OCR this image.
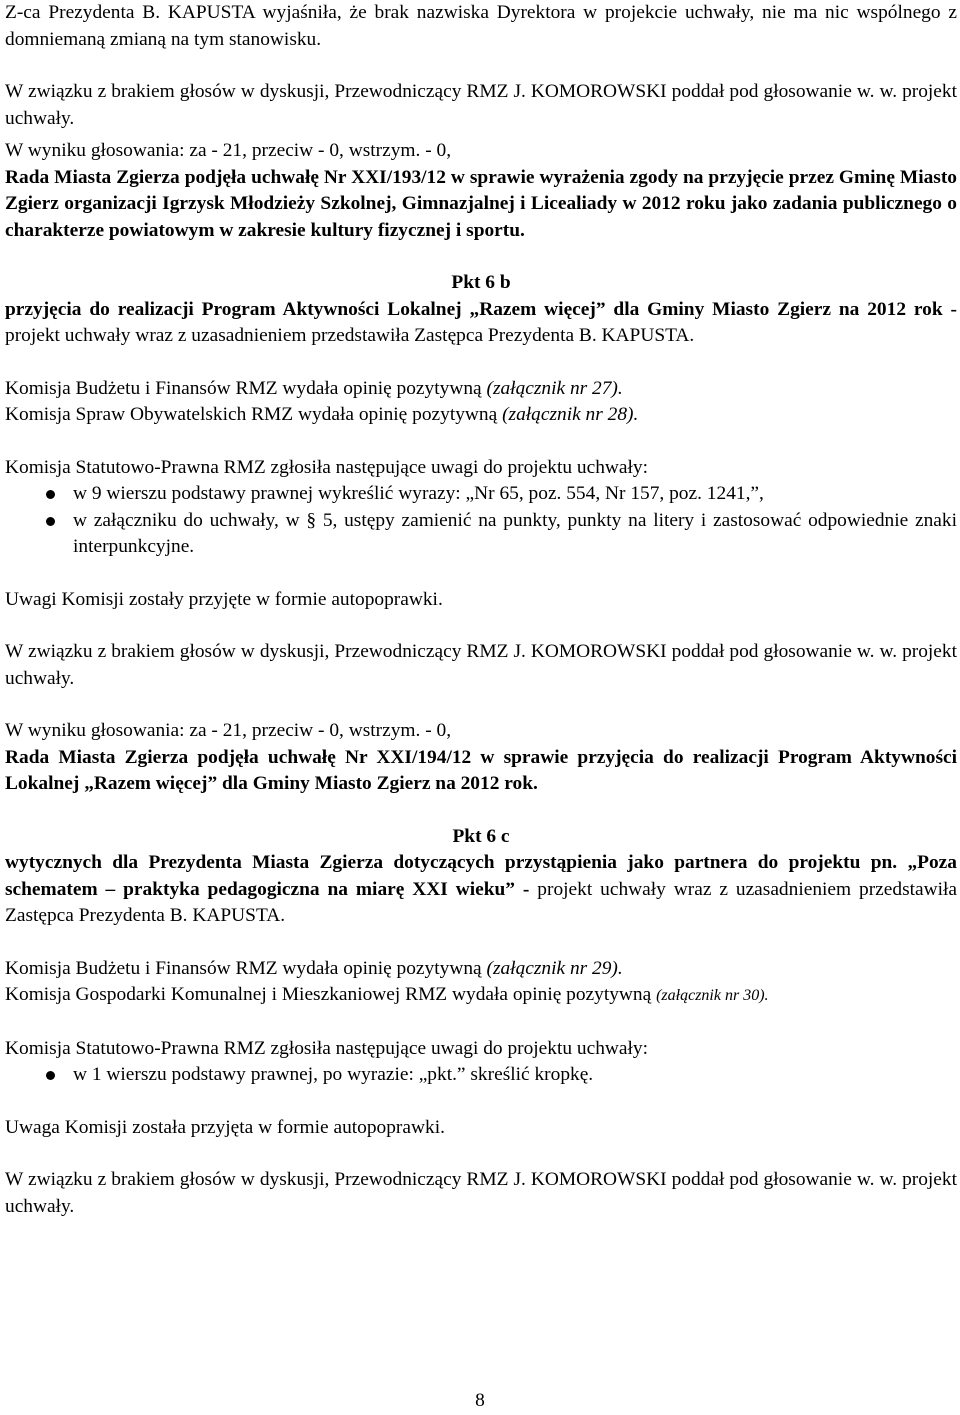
Z-ca Prezydenta B. KAPUSTA wyjaśniła, że brak nazwiska Dyrektora w projekcie uchwały, nie ma nic wspólnego z domniemaną zmianą na tym stanowisku.

W związku z brakiem głosów w dyskusji, Przewodniczący RMZ J. KOMOROWSKI poddał pod głosowanie w. w. projekt uchwały.

W wyniku głosowania: za - 21, przeciw - 0, wstrzym. - 0,

Rada Miasta Zgierza podjęła uchwałę Nr XXI/193/12 w sprawie wyrażenia zgody na przyjęcie przez Gminę Miasto Zgierz organizacji Igrzysk Młodzieży Szkolnej, Gimnazjalnej i Licealiady w 2012 roku jako zadania publicznego o charakterze powiatowym w zakresie kultury fizycznej i sportu.

Pkt 6 b

przyjęcia do realizacji Program Aktywności Lokalnej „Razem więcej” dla Gminy Miasto Zgierz na 2012 rok - projekt uchwały wraz z uzasadnieniem przedstawiła Zastępca Prezydenta B. KAPUSTA.

Komisja Budżetu i Finansów RMZ wydała opinię pozytywną (załącznik nr 27).

Komisja Spraw Obywatelskich RMZ wydała opinię pozytywną (załącznik nr 28).

Komisja Statutowo-Prawna RMZ zgłosiła następujące uwagi do projektu uchwały:

w 9 wierszu podstawy prawnej wykreślić wyrazy: „Nr 65, poz. 554, Nr 157, poz. 1241,”,
w załączniku do uchwały, w § 5, ustępy zamienić na punkty, punkty na litery i zastosować odpowiednie znaki interpunkcyjne.

Uwagi Komisji zostały przyjęte w formie autopoprawki.

W związku z brakiem głosów w dyskusji, Przewodniczący RMZ J. KOMOROWSKI poddał pod głosowanie w. w. projekt uchwały.

W wyniku głosowania: za - 21, przeciw - 0, wstrzym. - 0,

Rada Miasta Zgierza podjęła uchwałę Nr XXI/194/12 w sprawie przyjęcia do realizacji Program Aktywności Lokalnej „Razem więcej” dla Gminy Miasto Zgierz na 2012 rok.

Pkt 6 c

wytycznych dla Prezydenta Miasta Zgierza dotyczących przystąpienia jako partnera do projektu pn. „Poza schematem – praktyka pedagogiczna na miarę XXI wieku” - projekt uchwały wraz z uzasadnieniem przedstawiła Zastępca Prezydenta B. KAPUSTA.

Komisja Budżetu i Finansów RMZ wydała opinię pozytywną (załącznik nr 29).

Komisja Gospodarki Komunalnej i Mieszkaniowej RMZ wydała opinię pozytywną (załącznik nr 30).

Komisja Statutowo-Prawna RMZ zgłosiła następujące uwagi do projektu uchwały:

w 1 wierszu podstawy prawnej, po wyrazie: „pkt.” skreślić kropkę.

Uwaga Komisji została przyjęta w formie autopoprawki.

W związku z brakiem głosów w dyskusji, Przewodniczący RMZ J. KOMOROWSKI poddał pod głosowanie w. w. projekt uchwały.

8
